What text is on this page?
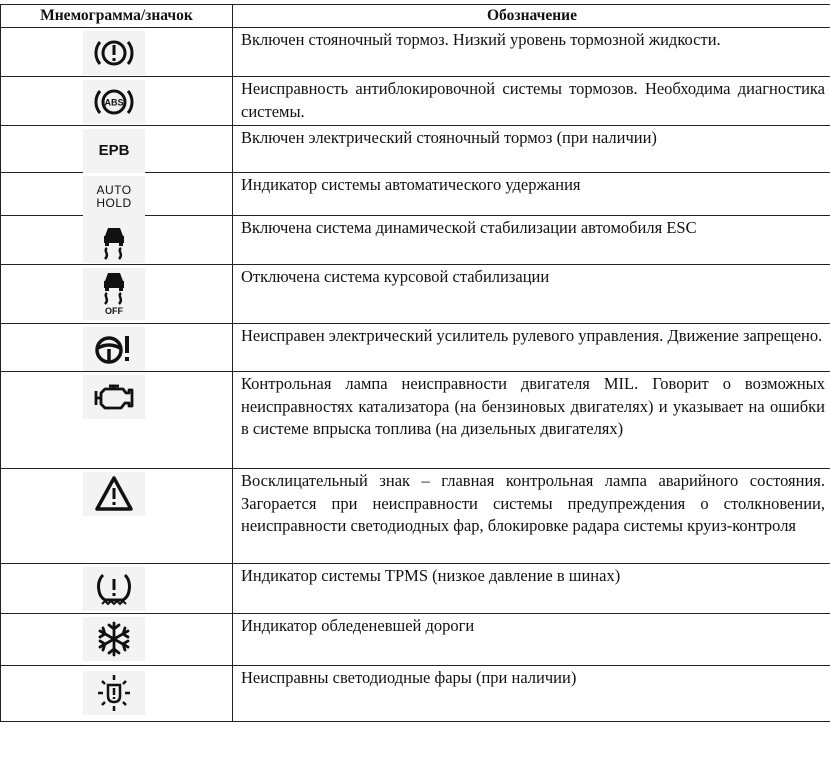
Мнемограмма/значок	Обозначение
Включен стояночный тормоз. Низкий уровень тормозной жидкости.
ABS
Неисправность антиблокировочной системы тормозов. Необходима диагностика системы.
EPB
Включен электрический стояночный тормоз (при наличии)
AUTO
HOLD
Индикатор системы автоматического удержания
Включена система динамической стабилизации автомобиля ESC
OFF
Отключена система курсовой стабилизации
Неисправен электрический усилитель рулевого управления. Движение запрещено.
Контрольная лампа неисправности двигателя MIL. Говорит о возможных неисправностях катализатора (на бензиновых двигателях) и указывает на ошибки в системе впрыска топлива (на дизельных двигателях)
Восклицательный знак – главная контрольная лампа аварийного состояния. Загорается при неисправности системы предупреждения о столкновении, неисправности светодиодных фар, блокировке радара системы круиз-контроля
Индикатор системы TPMS (низкое давление в шинах)
Индикатор обледеневшей дороги
Неисправны светодиодные фары (при наличии)
